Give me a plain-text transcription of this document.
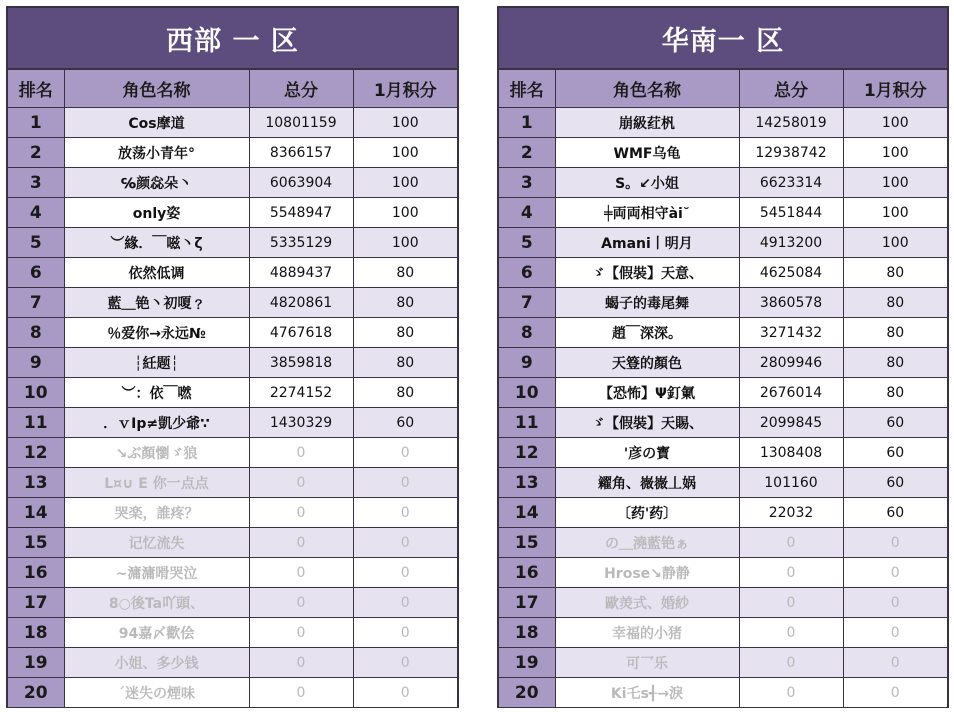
西部 一 区
排名	角色名称	总分	1月积分
1	Cos摩道	10801159	100
2	放荡小青年°	8366157	100
3	℅颜惢朵丶	6063904	100
4	only姿	5548947	100
5	︶緣．￣嗞丶ζ	5335129	100
6	依然低调	4889437	80
7	藍＿铯丶初嗄﹖	4820861	80
8	％爱你→永远№	4767618	80
9	┆紝题┆	3859818	80
10	︶：依￣嘫	2274152	80
11	．ｖIp≠凱少爺∵	1430329	60
12	↘ぶ顏懰ゞ狼	0	0
13	L¤∪ E 你一点点	0	0
14	哭楽，誰疼？	0	0
15	记忆流失	0	0
16	~滽滽嗗哭泣	0	0
17	8○後Ta吖頭、	0	0
18	94嘉〆歡侩	0	0
19	小姐、多少钱	0	0
20	ˊ迷失の煙味	0	0
华南一 区
排名	角色名称	总分	1月积分
1	崩級荭杋	14258019	100
2	WMF乌龟	12938742	100
3	S。↙小姐	6623314	100
4	╪両両相守ài˘	5451844	100
5	Amani丨明月	4913200	100
6	ゞ【假裝】天意、	4625084	80
7	蝎子的毒尾舞	3860578	80
8	趙￣深深。	3271432	80
9	天簦的顏色	2809946	80
10	【恐怖】Ψ釘氭	2676014	80
11	ゞ【假裝】天賜、	2099845	60
12	'彦の寳	1308408	60
13	糴角、嶶嶶丄娲	101160	60
14	〔药'药〕	22032	60
15	の＿澆藍铯ぁ	0	0
16	Hrose↘静静	0	0
17	歐羙式、婚紗	0	0
18	幸福的小猪	0	0
19	可乛乐	0	0
20	Ki乇s╉→淚	0	0
